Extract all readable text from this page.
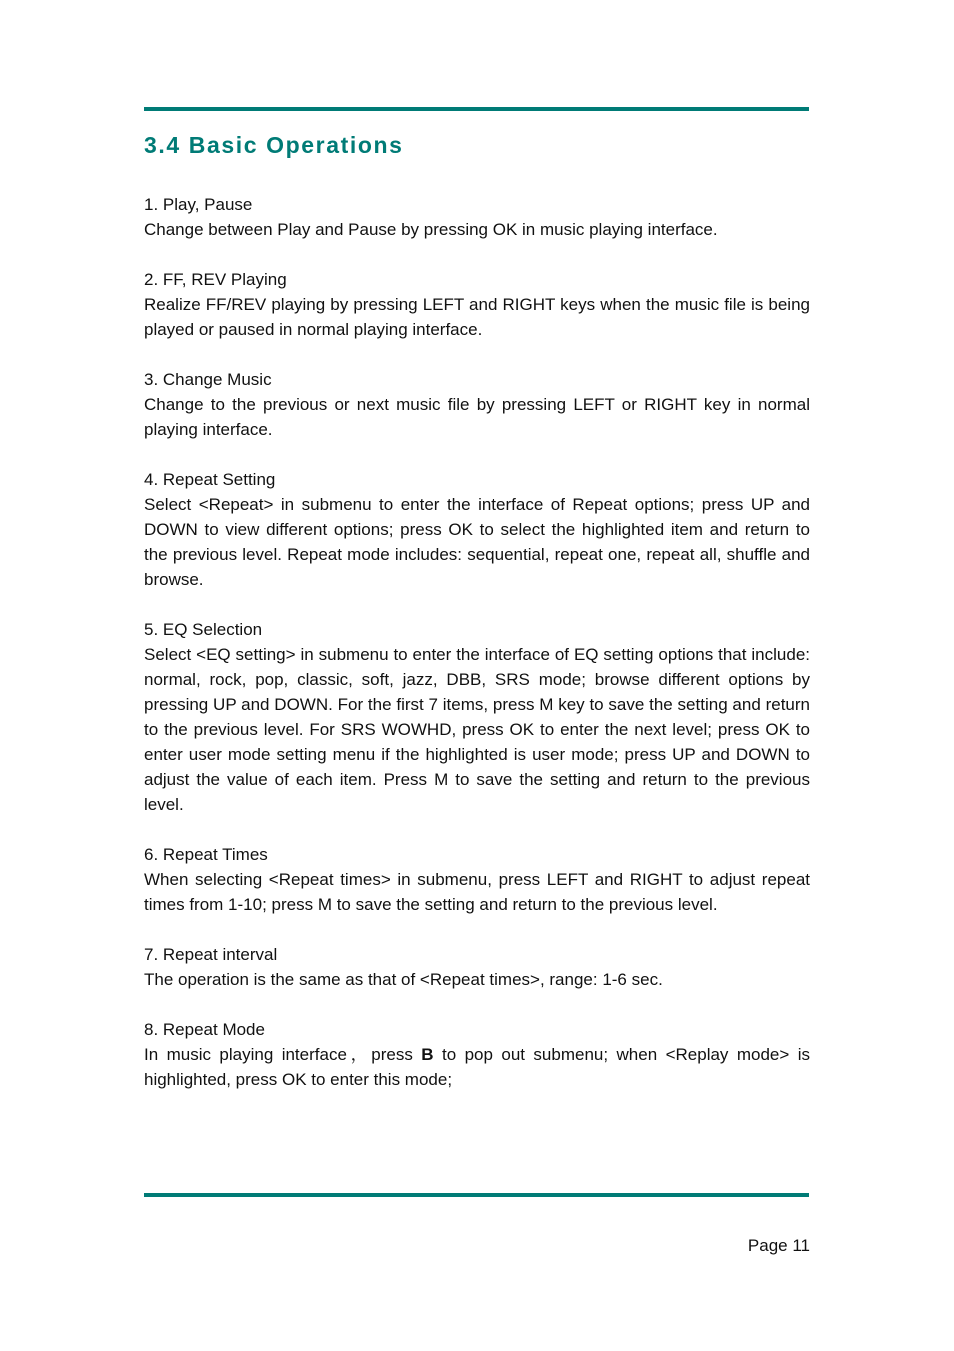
3.4 Basic Operations

1. Play, Pause

Change between Play and Pause by pressing OK in music playing interface.

2. FF, REV Playing

Realize FF/REV playing by pressing LEFT and RIGHT keys when the music file is being played or paused in normal playing interface.

3. Change Music

Change to the previous or next music file by pressing LEFT or RIGHT key in normal playing interface.

4. Repeat Setting

Select <Repeat> in submenu to enter the interface of Repeat options; press UP and DOWN to view different options; press OK to select the highlighted item and return to the previous level. Repeat mode includes: sequential, repeat one, repeat all, shuffle and browse.

5. EQ Selection

Select <EQ setting> in submenu to enter the interface of EQ setting options that include: normal, rock, pop, classic, soft, jazz, DBB, SRS mode; browse different options by pressing UP and DOWN. For the first 7 items, press M key to save the setting and return to the previous level. For SRS WOWHD, press OK to enter the next level; press OK to enter user mode setting menu if the highlighted is user mode; press UP and DOWN to adjust the value of each item. Press M to save the setting and return to the previous level.

6. Repeat Times

When selecting <Repeat times> in submenu, press LEFT and RIGHT to adjust repeat times from 1-10; press M to save the setting and return to the previous level.

7. Repeat interval

The operation is the same as that of <Repeat times>, range: 1-6 sec.

8. Repeat Mode

In music playing interface，press B to pop out submenu; when <Replay mode> is highlighted, press OK to enter this mode;

Page 11
